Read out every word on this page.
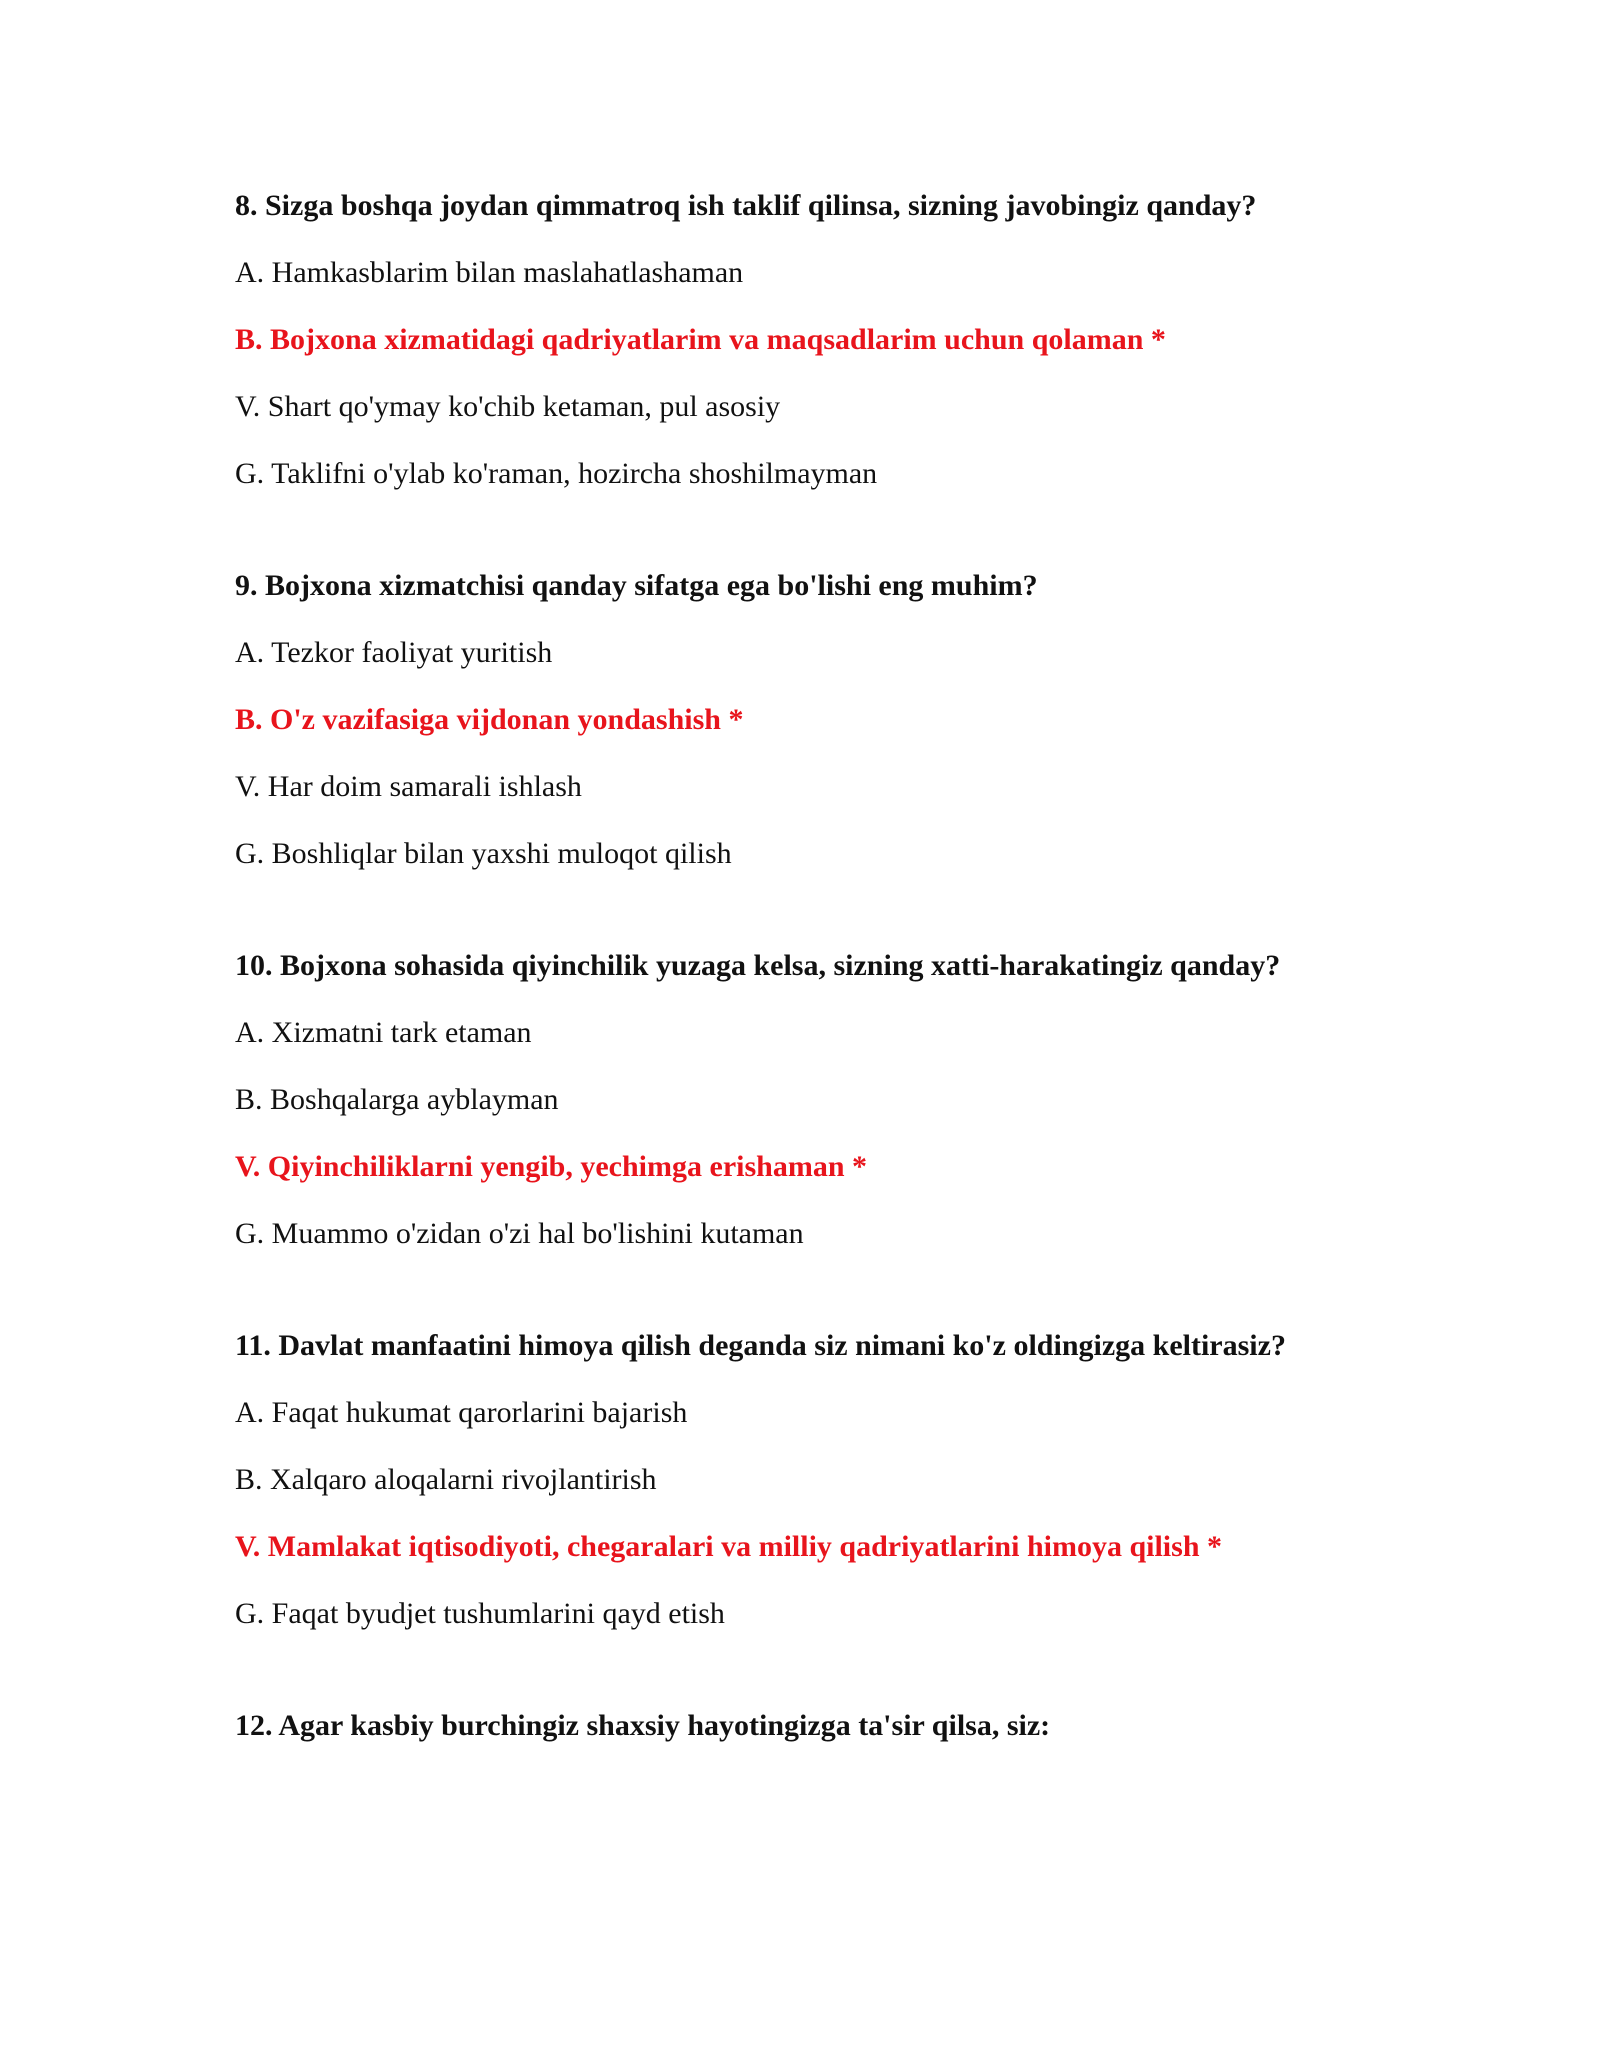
8. Sizga boshqa joydan qimmatroq ish taklif qilinsa, sizning javobingiz qanday?
A. Hamkasblarim bilan maslahatlashaman
B. Bojxona xizmatidagi qadriyatlarim va maqsadlarim uchun qolaman *
V. Shart qo'ymay ko'chib ketaman, pul asosiy
G. Taklifni o'ylab ko'raman, hozircha shoshilmayman
9. Bojxona xizmatchisi qanday sifatga ega bo'lishi eng muhim?
A. Tezkor faoliyat yuritish
B. O'z vazifasiga vijdonan yondashish *
V. Har doim samarali ishlash
G. Boshliqlar bilan yaxshi muloqot qilish
10. Bojxona sohasida qiyinchilik yuzaga kelsa, sizning xatti-harakatingiz qanday?
A. Xizmatni tark etaman
B. Boshqalarga ayblayman
V. Qiyinchiliklarni yengib, yechimga erishaman *
G. Muammo o'zidan o'zi hal bo'lishini kutaman
11. Davlat manfaatini himoya qilish deganda siz nimani ko'z oldingizga keltirasiz?
A. Faqat hukumat qarorlarini bajarish
B. Xalqaro aloqalarni rivojlantirish
V. Mamlakat iqtisodiyoti, chegaralari va milliy qadriyatlarini himoya qilish *
G. Faqat byudjet tushumlarini qayd etish
12. Agar kasbiy burchingiz shaxsiy hayotingizga ta'sir qilsa, siz:
